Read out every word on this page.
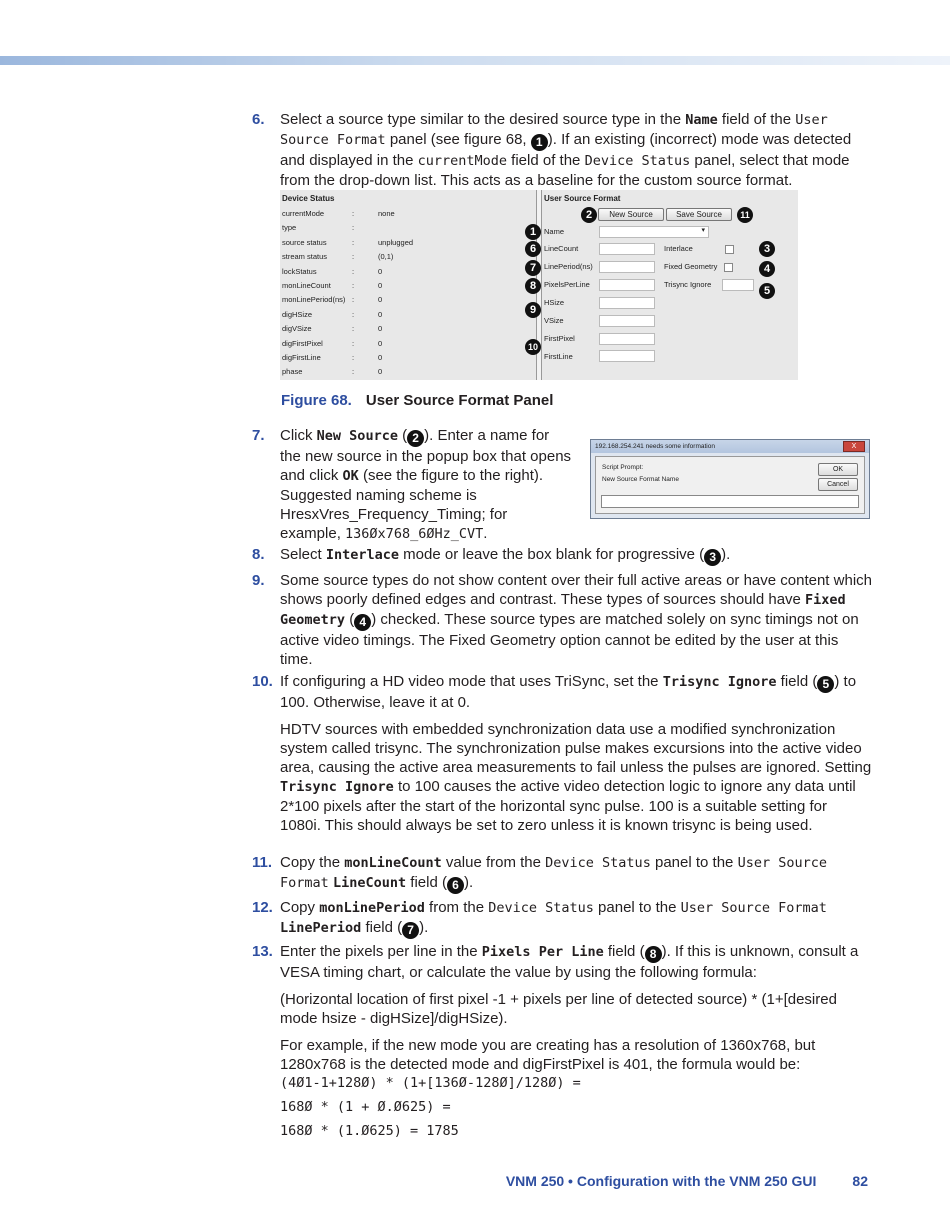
6. Select a source type similar to the desired source type in the Name field of the User Source Format panel (see figure 68, 1 ). If an existing (incorrect) mode was detected and displayed in the currentMode field of the Device Status panel, select that mode from the drop-down list. This acts as a baseline for the custom source format.
Device Status
currentMode	:	none
type	:
source status	:	unplugged
stream status	:	(0,1)
lockStatus	:	0
monLineCount	:	0
monLinePeriod(ns) :	0
digHSize	:	0
digVSize	:	0
digFirstPixel	:	0
digFirstLine	:	0
phase	:	0
User Source Format
New Source	Save Source
Name	▾
LineCount	Interlace
LinePeriod(ns)	Fixed Geometry
PixelsPerLine	Trisync Ignore
HSize
VSize
FirstPixel
FirstLine
1
2
3
4
5
6
7
8
9
10
11
Figure 68. User Source Format Panel
7. Click New Source ( 2 ). Enter a name for the new source in the popup box that opens and click OK (see the figure to the right). Suggested naming scheme is HresxVres_Frequency_Timing; for example, 136Øx768_6ØHz_CVT.
192.168.254.241 needs some information	X
Script Prompt:
New Source Format Name
OK
Cancel
8. Select Interlace mode or leave the box blank for progressive ( 3 ).
9. Some source types do not show content over their full active areas or have content which shows poorly defined edges and contrast. These types of sources should have Fixed Geometry ( 4 ) checked. These source types are matched solely on sync timings not on active video timings. The Fixed Geometry option cannot be edited by the user at this time.
10. If configuring a HD video mode that uses TriSync, set the Trisync Ignore field ( 5 ) to 100. Otherwise, leave it at 0.

HDTV sources with embedded synchronization data use a modified synchronization system called trisync. The synchronization pulse makes excursions into the active video area, causing the active area measurements to fail unless the pulses are ignored. Setting Trisync Ignore to 100 causes the active video detection logic to ignore any data until 2*100 pixels after the start of the horizontal sync pulse. 100 is a suitable setting for 1080i. This should always be set to zero unless it is known trisync is being used.

11. Copy the monLineCount value from the Device Status panel to the User Source Format LineCount field ( 6 ).
12. Copy monLinePeriod from the Device Status panel to the User Source Format LinePeriod field ( 7 ).
13. Enter the pixels per line in the Pixels Per Line field ( 8 ). If this is unknown, consult a VESA timing chart, or calculate the value by using the following formula:

(Horizontal location of first pixel -1 + pixels per line of detected source) * (1+[desired mode hsize - digHSize]/digHSize).

For example, if the new mode you are creating has a resolution of 1360x768, but 1280x768 is the detected mode and digFirstPixel is 401, the formula would be:

(4Ø1-1+128Ø) * (1+[136Ø-128Ø]/128Ø) =
168Ø * (1 + Ø.Ø625) =
168Ø * (1.Ø625) = 1785
VNM 250 • Configuration with the VNM 250 GUI	82
